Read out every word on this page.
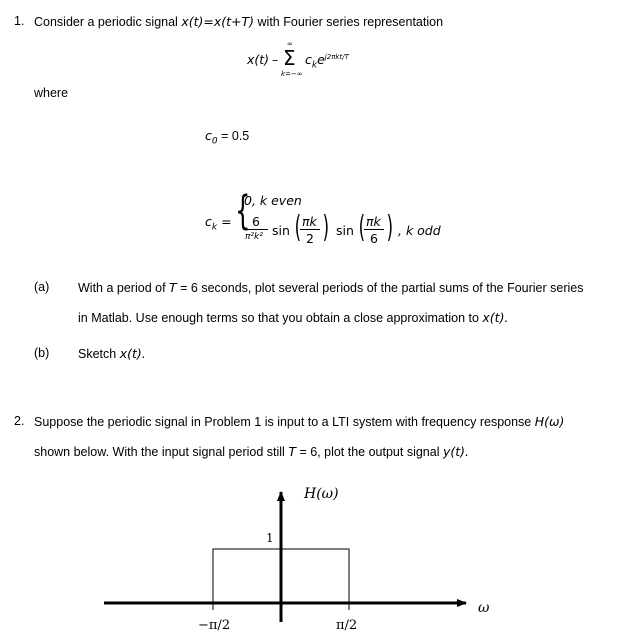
1. Consider a periodic signal x(t)=x(t+T) with Fourier series representation
x(t) –
∞
Σ
k=−∞
$c_ke^{j2\pi kt/T}$
where
$c_0 = 0.5$
$c_k$ = {
0, k even
6
π²k² sin ( πk
2 ) sin ( πk
6 ) , k odd
(a) With a period of T = 6 seconds, plot several periods of the partial sums of the Fourier series
in Matlab. Use enough terms so that you obtain a close approximation to x(t).
(b) Sketch x(t).
2. Suppose the periodic signal in Problem 1 is input to a LTI system with frequency response H(ω)
shown below. With the input signal period still T = 6, plot the output signal y(t).
H(ω)
ω
1
−π/2	π/2
